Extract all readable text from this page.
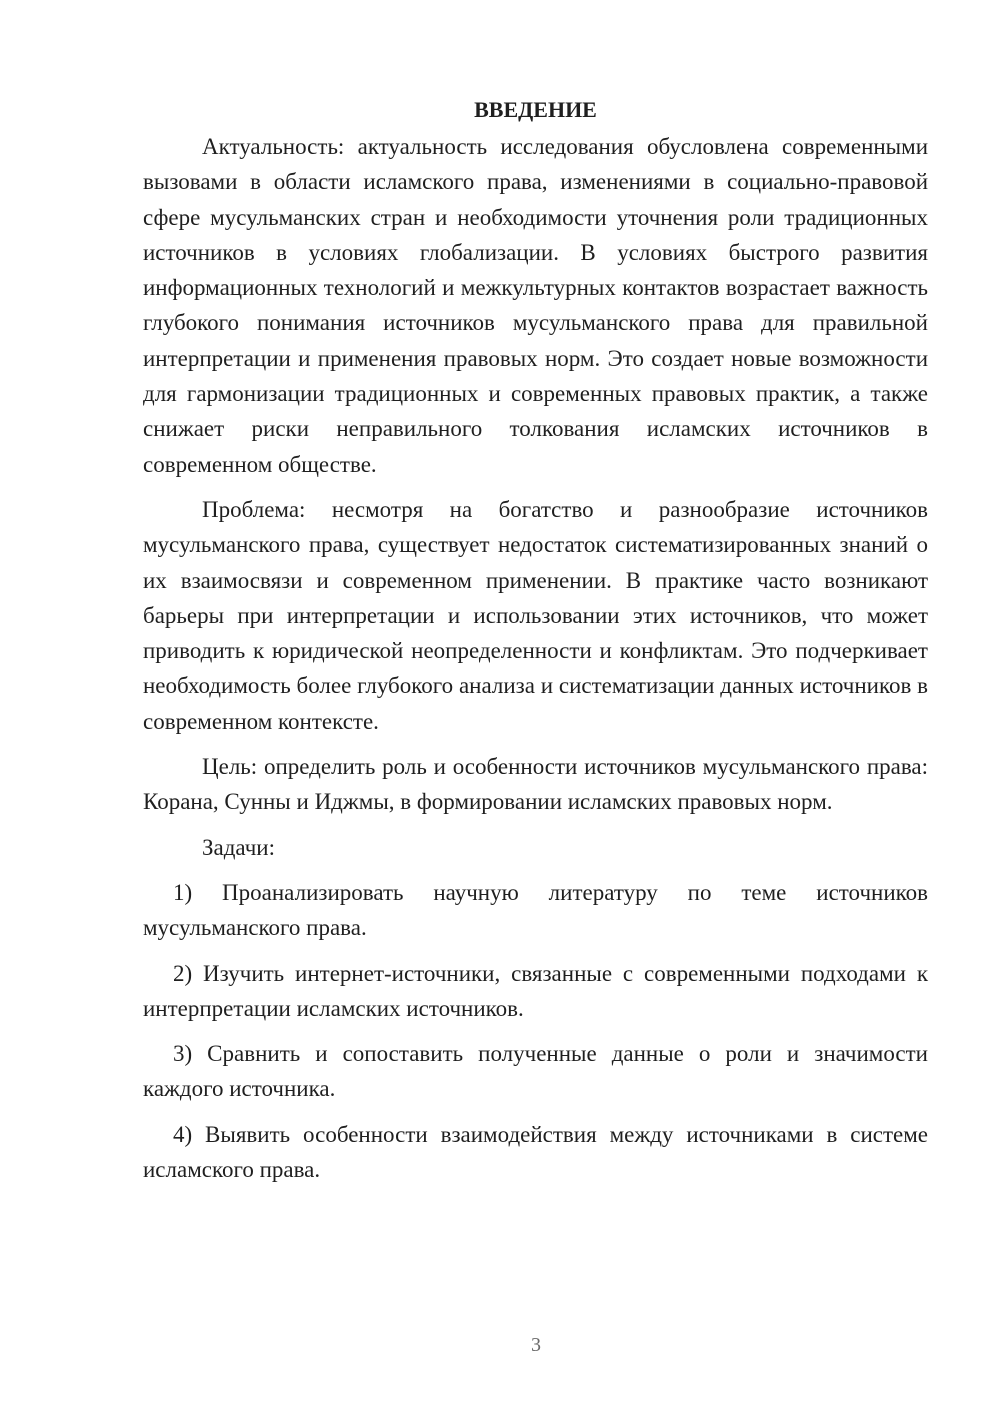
ВВЕДЕНИЕ

Актуальность: актуальность исследования обусловлена современными вызовами в области исламского права, изменениями в социально-правовой сфере мусульманских стран и необходимости уточнения роли традиционных источников в условиях глобализации. В условиях быстрого развития информационных технологий и межкультурных контактов возрастает важность глубокого понимания источников мусульманского права для правильной интерпретации и применения правовых норм. Это создает новые возможности для гармонизации традиционных и современных правовых практик, а также снижает риски неправильного толкования исламских источников в современном обществе.

Проблема: несмотря на богатство и разнообразие источников мусульманского права, существует недостаток систематизированных знаний о их взаимосвязи и современном применении. В практике часто возникают барьеры при интерпретации и использовании этих источников, что может приводить к юридической неопределенности и конфликтам. Это подчеркивает необходимость более глубокого анализа и систематизации данных источников в современном контексте.

Цель: определить роль и особенности источников мусульманского права: Корана, Сунны и Иджмы, в формировании исламских правовых норм.

Задачи:

1) Проанализировать научную литературу по теме источников мусульманского права.

2) Изучить интернет-источники, связанные с современными подходами к интерпретации исламских источников.

3) Сравнить и сопоставить полученные данные о роли и значимости каждого источника.

4) Выявить особенности взаимодействия между источниками в системе исламского права.

3
